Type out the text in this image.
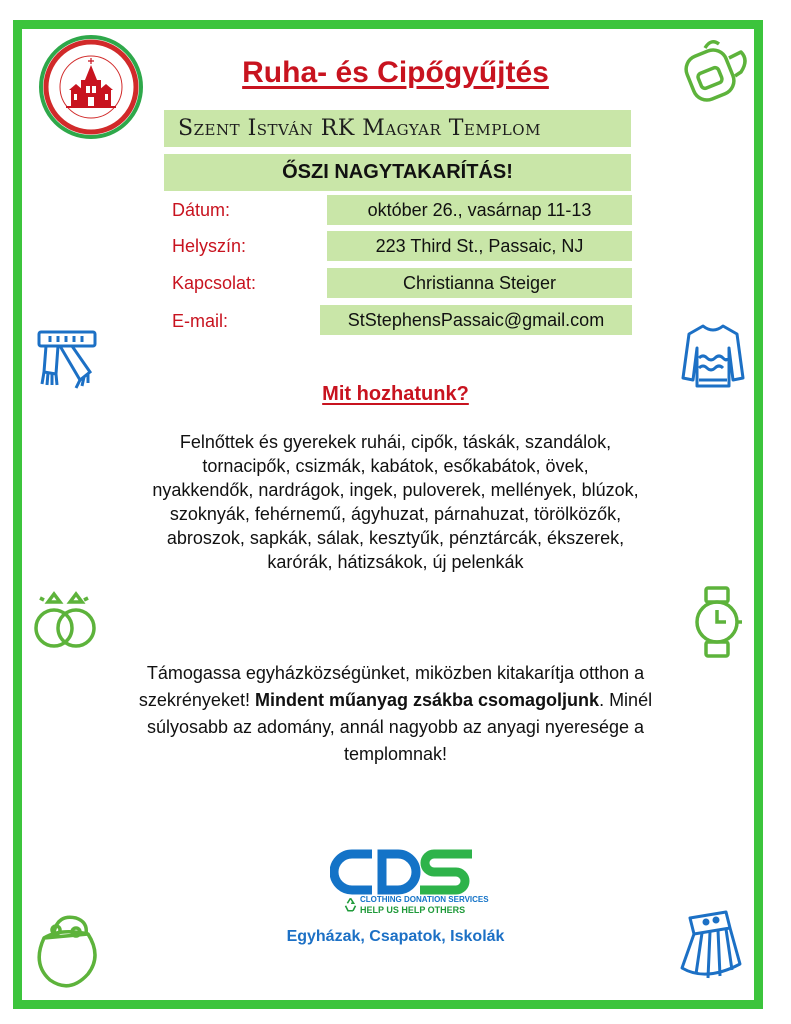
Ruha- és Cipőgyűjtés
Szent István RK Magyar Templom
ŐSZI NAGYTAKARÍTÁS!
Dátum:	október 26., vasárnap 11-13
Helyszín:	223 Third St., Passaic, NJ
Kapcsolat:	Christianna Steiger
E-mail:	StStephensPassaic@gmail.com
Mit hozhatunk?
Felnőttek és gyerekek ruhái, cipők, táskák, szandálok,
tornacipők, csizmák, kabátok, esőkabátok, övek,
nyakkendők, nardrágok, ingek, puloverek, mellények, blúzok,
szoknyák, fehérnemű, ágyhuzat, párnahuzat, törölközők,
abroszok, sapkák, sálak, kesztyűk, pénztárcák, ékszerek,
karórák, hátizsákok, új pelenkák
Támogassa egyházközségünket, miközben kitakarítja otthon a szekrényeket! Mindent műanyag zsákba csomagoljunk. Minél súlyosabb az adomány, annál nagyobb az anyagi nyeresége a templomnak!
CLOTHING DONATION SERVICES
HELP US HELP OTHERS
Egyházak, Csapatok, Iskolák
